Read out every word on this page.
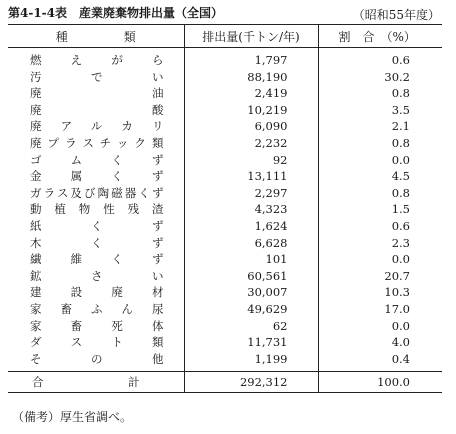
第4-1-4表　 産業廃棄物排出量（全国）	（昭和55年度）
種　類	排出量(千トン/年)	割　合　（%）
燃えがら	1,797	0.6
汚でい	88,190	30.2
廃油	2,419	0.8
廃酸	10,219	3.5
廃アルカリ	6,090	2.1
廃プラスチック類	2,232	0.8
ゴムくず	92	0.0
金属くず	13,111	4.5
ガラス及び陶磁器くず	2,297	0.8
動植物性残渣	4,323	1.5
紙くず	1,624	0.6
木くず	6,628	2.3
繊維くず	101	0.0
鉱さい	60,561	20.7
建設廃材	30,007	10.3
家畜ふん尿	49,629	17.0
家畜死体	62	0.0
ダスト類	11,731	4.0
その他	1,199	0.4
合計	292,312	100.0
（備考）厚生省調べ。
